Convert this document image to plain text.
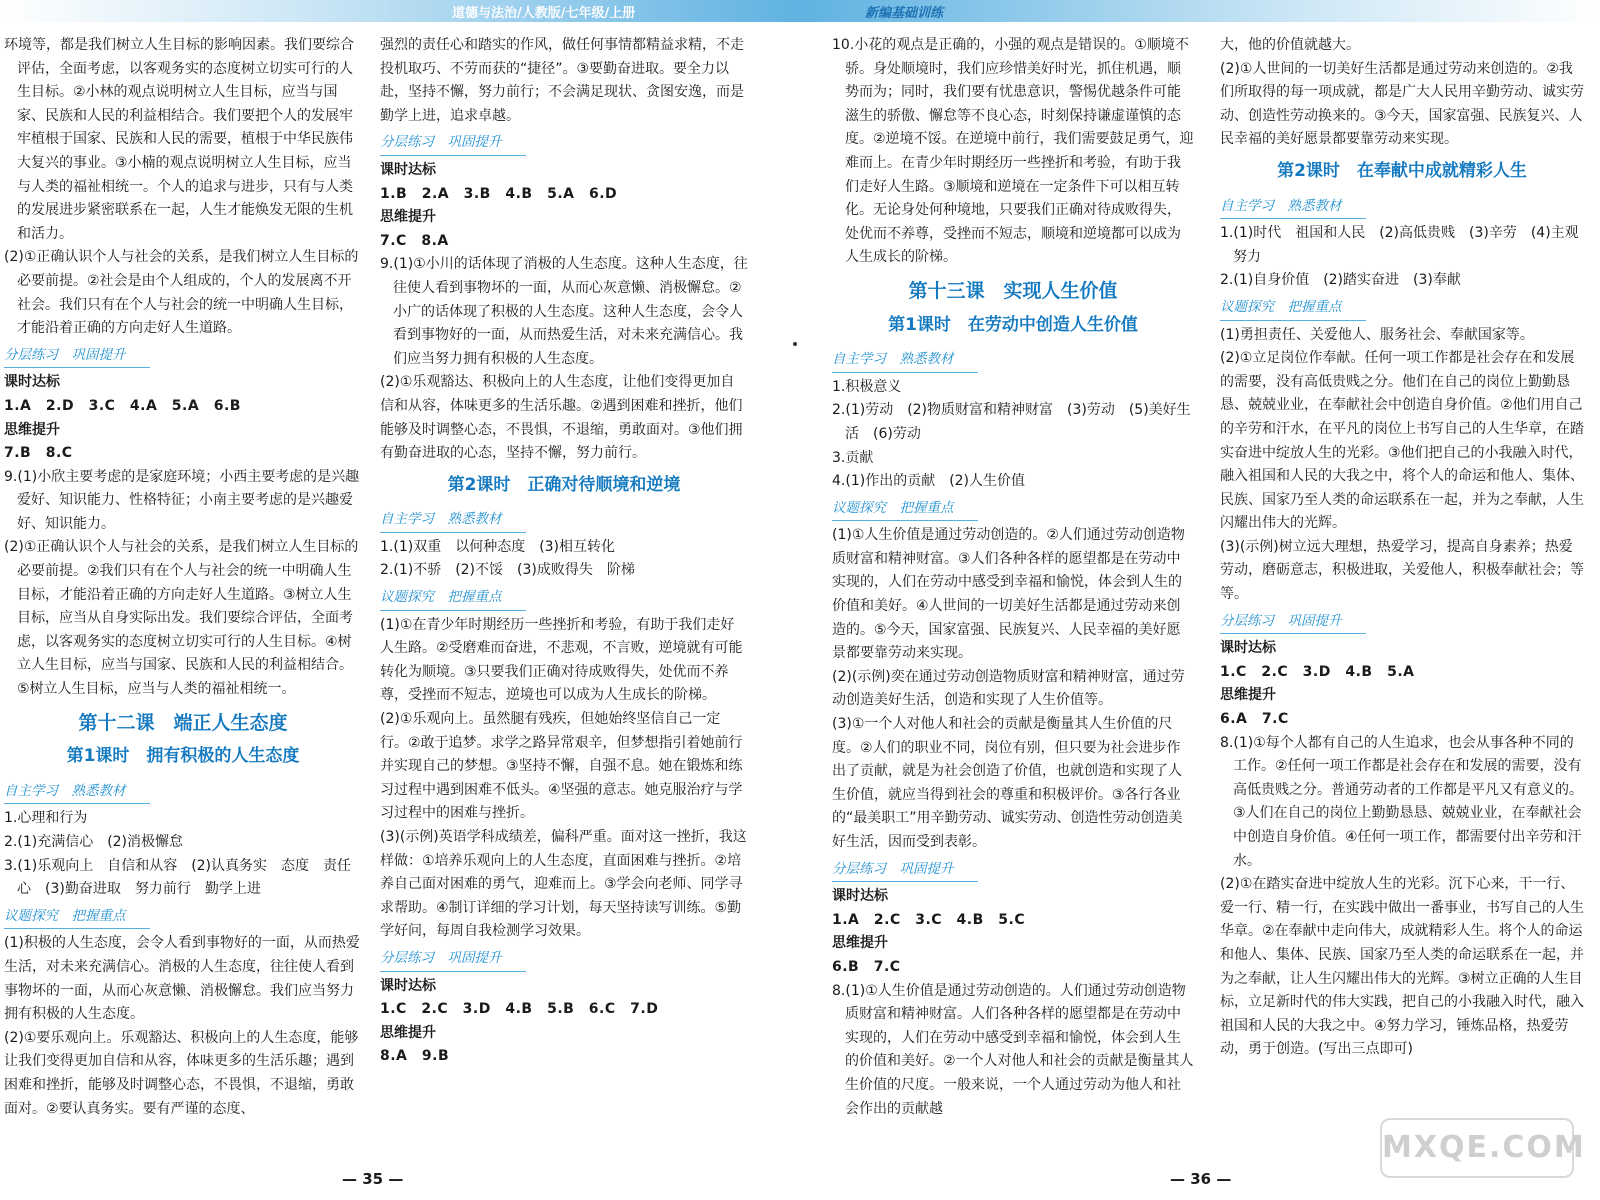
道德与法治/人教版/七年级/上册	新编基础训练

环境等，都是我们树立人生目标的影响因素。我们要综合评估，全面考虑，以客观务实的态度树立切实可行的人生目标。②小林的观点说明树立人生目标，应当与国家、民族和人民的利益相结合。我们要把个人的发展牢牢植根于国家、民族和人民的需要，植根于中华民族伟大复兴的事业。③小楠的观点说明树立人生目标，应当与人类的福祉相统一。个人的追求与进步，只有与人类的发展进步紧密联系在一起，人生才能焕发无限的生机和活力。

(2)①正确认识个人与社会的关系，是我们树立人生目标的必要前提。②社会是由个人组成的，个人的发展离不开社会。我们只有在个人与社会的统一中明确人生目标，才能沿着正确的方向走好人生道路。

分层练习　巩固提升

课时达标

1.A　2.D　3.C　4.A　5.A　6.B

思维提升

7.B　8.C

9.(1)小欣主要考虑的是家庭环境；小西主要考虑的是兴趣爱好、知识能力、性格特征；小南主要考虑的是兴趣爱好、知识能力。

(2)①正确认识个人与社会的关系，是我们树立人生目标的必要前提。②我们只有在个人与社会的统一中明确人生目标，才能沿着正确的方向走好人生道路。③树立人生目标，应当从自身实际出发。我们要综合评估，全面考虑，以客观务实的态度树立切实可行的人生目标。④树立人生目标，应当与国家、民族和人民的利益相结合。⑤树立人生目标，应当与人类的福祉相统一。

第十二课　端正人生态度

第1课时　拥有积极的人生态度

自主学习　熟悉教材

1.心理和行为

2.(1)充满信心　(2)消极懈怠

3.(1)乐观向上　自信和从容　(2)认真务实　态度　责任心　(3)勤奋进取　努力前行　勤学上进

议题探究　把握重点

(1)积极的人生态度，会令人看到事物好的一面，从而热爱生活，对未来充满信心。消极的人生态度，往往使人看到事物坏的一面，从而心灰意懒、消极懈怠。我们应当努力拥有积极的人生态度。

(2)①要乐观向上。乐观豁达、积极向上的人生态度，能够让我们变得更加自信和从容，体味更多的生活乐趣；遇到困难和挫折，能够及时调整心态，不畏惧，不退缩，勇敢面对。②要认真务实。要有严谨的态度、

强烈的责任心和踏实的作风，做任何事情都精益求精，不走投机取巧、不劳而获的“捷径”。③要勤奋进取。要全力以赴，坚持不懈，努力前行；不会满足现状、贪图安逸，而是勤学上进，追求卓越。

分层练习　巩固提升

课时达标

1.B　2.A　3.B　4.B　5.A　6.D

思维提升

7.C　8.A

9.(1)①小川的话体现了消极的人生态度。这种人生态度，往往使人看到事物坏的一面，从而心灰意懒、消极懈怠。②小广的话体现了积极的人生态度。这种人生态度，会令人看到事物好的一面，从而热爱生活，对未来充满信心。我们应当努力拥有积极的人生态度。

(2)①乐观豁达、积极向上的人生态度，让他们变得更加自信和从容，体味更多的生活乐趣。②遇到困难和挫折，他们能够及时调整心态，不畏惧，不退缩，勇敢面对。③他们拥有勤奋进取的心态，坚持不懈，努力前行。

第2课时　正确对待顺境和逆境

自主学习　熟悉教材

1.(1)双重　以何种态度　(3)相互转化

2.(1)不骄　(2)不馁　(3)成败得失　阶梯

议题探究　把握重点

(1)①在青少年时期经历一些挫折和考验，有助于我们走好人生路。②受磨难而奋进，不悲观，不言败，逆境就有可能转化为顺境。③只要我们正确对待成败得失，处优而不养尊，受挫而不短志，逆境也可以成为人生成长的阶梯。

(2)①乐观向上。虽然腿有残疾，但她始终坚信自己一定行。②敢于追梦。求学之路异常艰辛，但梦想指引着她前行并实现自己的梦想。③坚持不懈，自强不息。她在锻炼和练习过程中遇到困难不低头。④坚强的意志。她克服治疗与学习过程中的困难与挫折。

(3)(示例)英语学科成绩差，偏科严重。面对这一挫折，我这样做：①培养乐观向上的人生态度，直面困难与挫折。②培养自己面对困难的勇气，迎难而上。③学会向老师、同学寻求帮助。④制订详细的学习计划，每天坚持读写训练。⑤勤学好问，每周自我检测学习效果。

分层练习　巩固提升

课时达标

1.C　2.C　3.D　4.B　5.B　6.C　7.D

思维提升

8.A　9.B

10.小花的观点是正确的，小强的观点是错误的。①顺境不骄。身处顺境时，我们应珍惜美好时光，抓住机遇，顺势而为；同时，我们要有忧患意识，警惕优越条件可能滋生的骄傲、懈怠等不良心态，时刻保持谦虚谨慎的态度。②逆境不馁。在逆境中前行，我们需要鼓足勇气，迎难而上。在青少年时期经历一些挫折和考验，有助于我们走好人生路。③顺境和逆境在一定条件下可以相互转化。无论身处何种境地，只要我们正确对待成败得失，处优而不养尊，受挫而不短志，顺境和逆境都可以成为人生成长的阶梯。

第十三课　实现人生价值

第1课时　在劳动中创造人生价值

自主学习　熟悉教材

1.积极意义

2.(1)劳动　(2)物质财富和精神财富　(3)劳动　(5)美好生活　(6)劳动

3.贡献

4.(1)作出的贡献　(2)人生价值

议题探究　把握重点

(1)①人生价值是通过劳动创造的。②人们通过劳动创造物质财富和精神财富。③人们各种各样的愿望都是在劳动中实现的，人们在劳动中感受到幸福和愉悦，体会到人生的价值和美好。④人世间的一切美好生活都是通过劳动来创造的。⑤今天，国家富强、民族复兴、人民幸福的美好愿景都要靠劳动来实现。

(2)(示例)奕在通过劳动创造物质财富和精神财富，通过劳动创造美好生活，创造和实现了人生价值等。

(3)①一个人对他人和社会的贡献是衡量其人生价值的尺度。②人们的职业不同，岗位有别，但只要为社会进步作出了贡献，就是为社会创造了价值，也就创造和实现了人生价值，就应当得到社会的尊重和积极评价。③各行各业的“最美职工”用辛勤劳动、诚实劳动、创造性劳动创造美好生活，因而受到表彰。

分层练习　巩固提升

课时达标

1.A　2.C　3.C　4.B　5.C

思维提升

6.B　7.C

8.(1)①人生价值是通过劳动创造的。人们通过劳动创造物质财富和精神财富。人们各种各样的愿望都是在劳动中实现的，人们在劳动中感受到幸福和愉悦，体会到人生的价值和美好。②一个人对他人和社会的贡献是衡量其人生价值的尺度。一般来说，一个人通过劳动为他人和社会作出的贡献越

大，他的价值就越大。

(2)①人世间的一切美好生活都是通过劳动来创造的。②我们所取得的每一项成就，都是广大人民用辛勤劳动、诚实劳动、创造性劳动换来的。③今天，国家富强、民族复兴、人民幸福的美好愿景都要靠劳动来实现。

第2课时　在奉献中成就精彩人生

自主学习　熟悉教材

1.(1)时代　祖国和人民　(2)高低贵贱　(3)辛劳　(4)主观努力

2.(1)自身价值　(2)踏实奋进　(3)奉献

议题探究　把握重点

(1)勇担责任、关爱他人、服务社会、奉献国家等。

(2)①立足岗位作奉献。任何一项工作都是社会存在和发展的需要，没有高低贵贱之分。他们在自己的岗位上勤勤恳恳、兢兢业业，在奉献社会中创造自身价值。②他们用自己的辛劳和汗水，在平凡的岗位上书写自己的人生华章，在踏实奋进中绽放人生的光彩。③他们把自己的小我融入时代，融入祖国和人民的大我之中，将个人的命运和他人、集体、民族、国家乃至人类的命运联系在一起，并为之奉献，人生闪耀出伟大的光辉。

(3)(示例)树立远大理想，热爱学习，提高自身素养；热爱劳动，磨砺意志，积极进取，关爱他人，积极奉献社会；等等。

分层练习　巩固提升

课时达标

1.C　2.C　3.D　4.B　5.A

思维提升

6.A　7.C

8.(1)①每个人都有自己的人生追求，也会从事各种不同的工作。②任何一项工作都是社会存在和发展的需要，没有高低贵贱之分。普通劳动者的工作都是平凡又有意义的。③人们在自己的岗位上勤勤恳恳、兢兢业业，在奉献社会中创造自身价值。④任何一项工作，都需要付出辛劳和汗水。

(2)①在踏实奋进中绽放人生的光彩。沉下心来，干一行、爱一行、精一行，在实践中做出一番事业，书写自己的人生华章。②在奉献中走向伟大，成就精彩人生。将个人的命运和他人、集体、民族、国家乃至人类的命运联系在一起，并为之奉献，让人生闪耀出伟大的光辉。③树立正确的人生目标，立足新时代的伟大实践，把自己的小我融入时代，融入祖国和人民的大我之中。④努力学习，锤炼品格，热爱劳动，勇于创造。(写出三点即可)

— 35 —	— 36 —
MXQE.COM
